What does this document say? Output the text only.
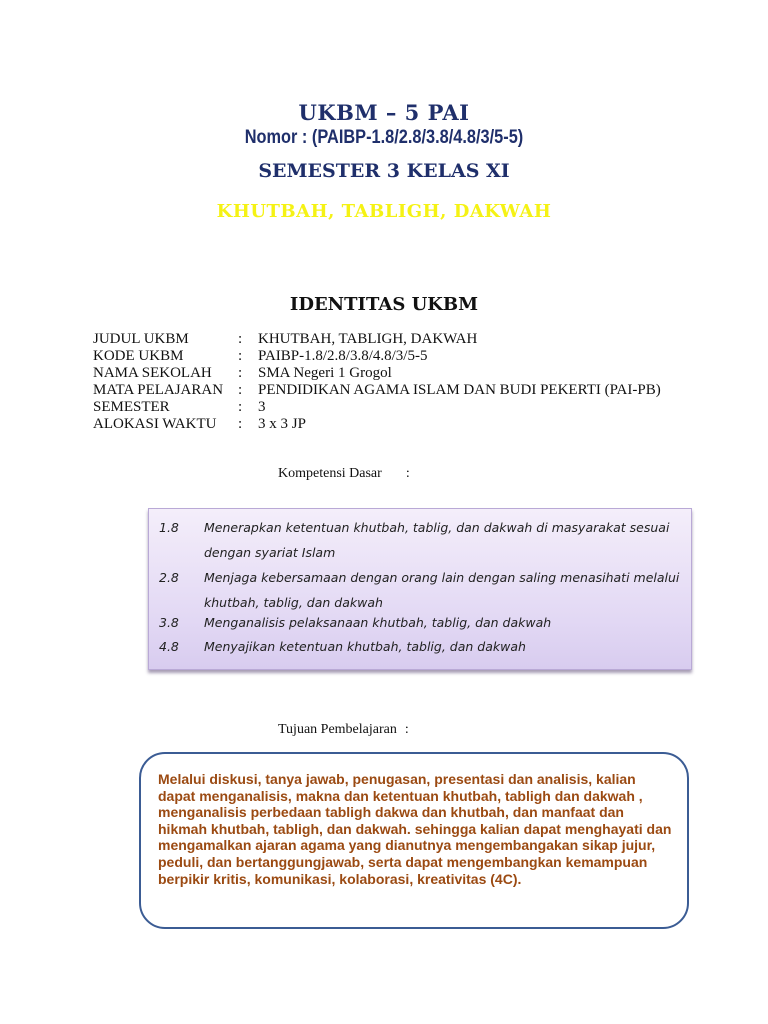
UKBM – 5 PAI
Nomor : (PAIBP-1.8/2.8/3.8/4.8/3/5-5)
SEMESTER 3 KELAS XI
KHUTBAH, TABLIGH, DAKWAH
IDENTITAS UKBM
JUDUL UKBM	: KHUTBAH, TABLIGH, DAKWAH
KODE UKBM	: PAIBP-1.8/2.8/3.8/4.8/3/5-5
NAMA SEKOLAH : SMA Negeri 1 Grogol
MATA PELAJARAN : PENDIDIKAN AGAMA ISLAM DAN BUDI PEKERTI (PAI-PB)
SEMESTER	: 3
ALOKASI WAKTU : 3 x 3 JP
Kompetensi Dasar :
1.8 Menerapkan ketentuan khutbah, tablig, dan dakwah di masyarakat sesuai dengan syariat Islam
2.8 Menjaga kebersamaan dengan orang lain dengan saling menasihati melalui khutbah, tablig, dan dakwah
3.8 Menganalisis pelaksanaan khutbah, tablig, dan dakwah
4.8 Menyajikan ketentuan khutbah, tablig, dan dakwah
Tujuan Pembelajaran :
Melalui diskusi, tanya jawab, penugasan, presentasi dan analisis, kalian dapat menganalisis, makna dan ketentuan khutbah, tabligh dan dakwah , menganalisis perbedaan tabligh dakwa dan khutbah, dan manfaat dan hikmah khutbah, tabligh, dan dakwah. sehingga kalian dapat menghayati dan mengamalkan ajaran agama yang dianutnya mengembangakan sikap jujur, peduli, dan bertanggungjawab, serta dapat mengembangkan kemampuan berpikir kritis, komunikasi, kolaborasi, kreativitas (4C).
